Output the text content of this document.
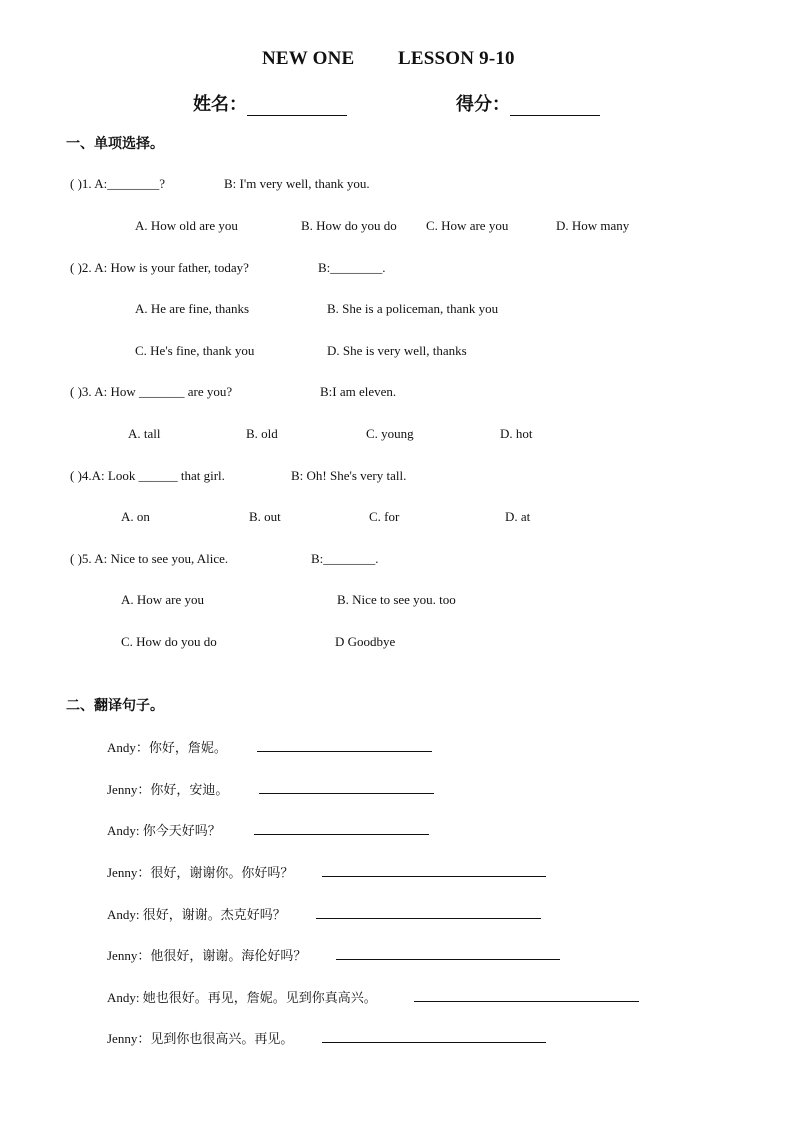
NEW ONE LESSON 9-10
姓名：	得分：
一、单项选择。
( )1. A:________?	B: I'm very well, thank you.
A. How old are you	B. How do you do C. How are you	D. How many
( )2. A: How is your father, today?	B:________.
A. He are fine, thanks	B. She is a policeman, thank you
C. He's fine, thank you	D. She is very well, thanks
( )3. A: How _______ are you?	B:I am eleven.
A. tall	B. old	C. young	D. hot
( )4.A: Look ______ that girl.	B: Oh! She's very tall.
A. on	B. out	C. for	D. at
( )5. A: Nice to see you, Alice.	B:________.
A. How are you	B. Nice to see you. too
C. How do you do	D Goodbye
二、翻译句子。
Andy：你好，詹妮。
Jenny：你好，安迪。
Andy: 你今天好吗？
Jenny：很好，谢谢你。你好吗？
Andy: 很好，谢谢。杰克好吗？
Jenny：他很好，谢谢。海伦好吗？
Andy: 她也很好。再见，詹妮。见到你真高兴。
Jenny：见到你也很高兴。再见。
